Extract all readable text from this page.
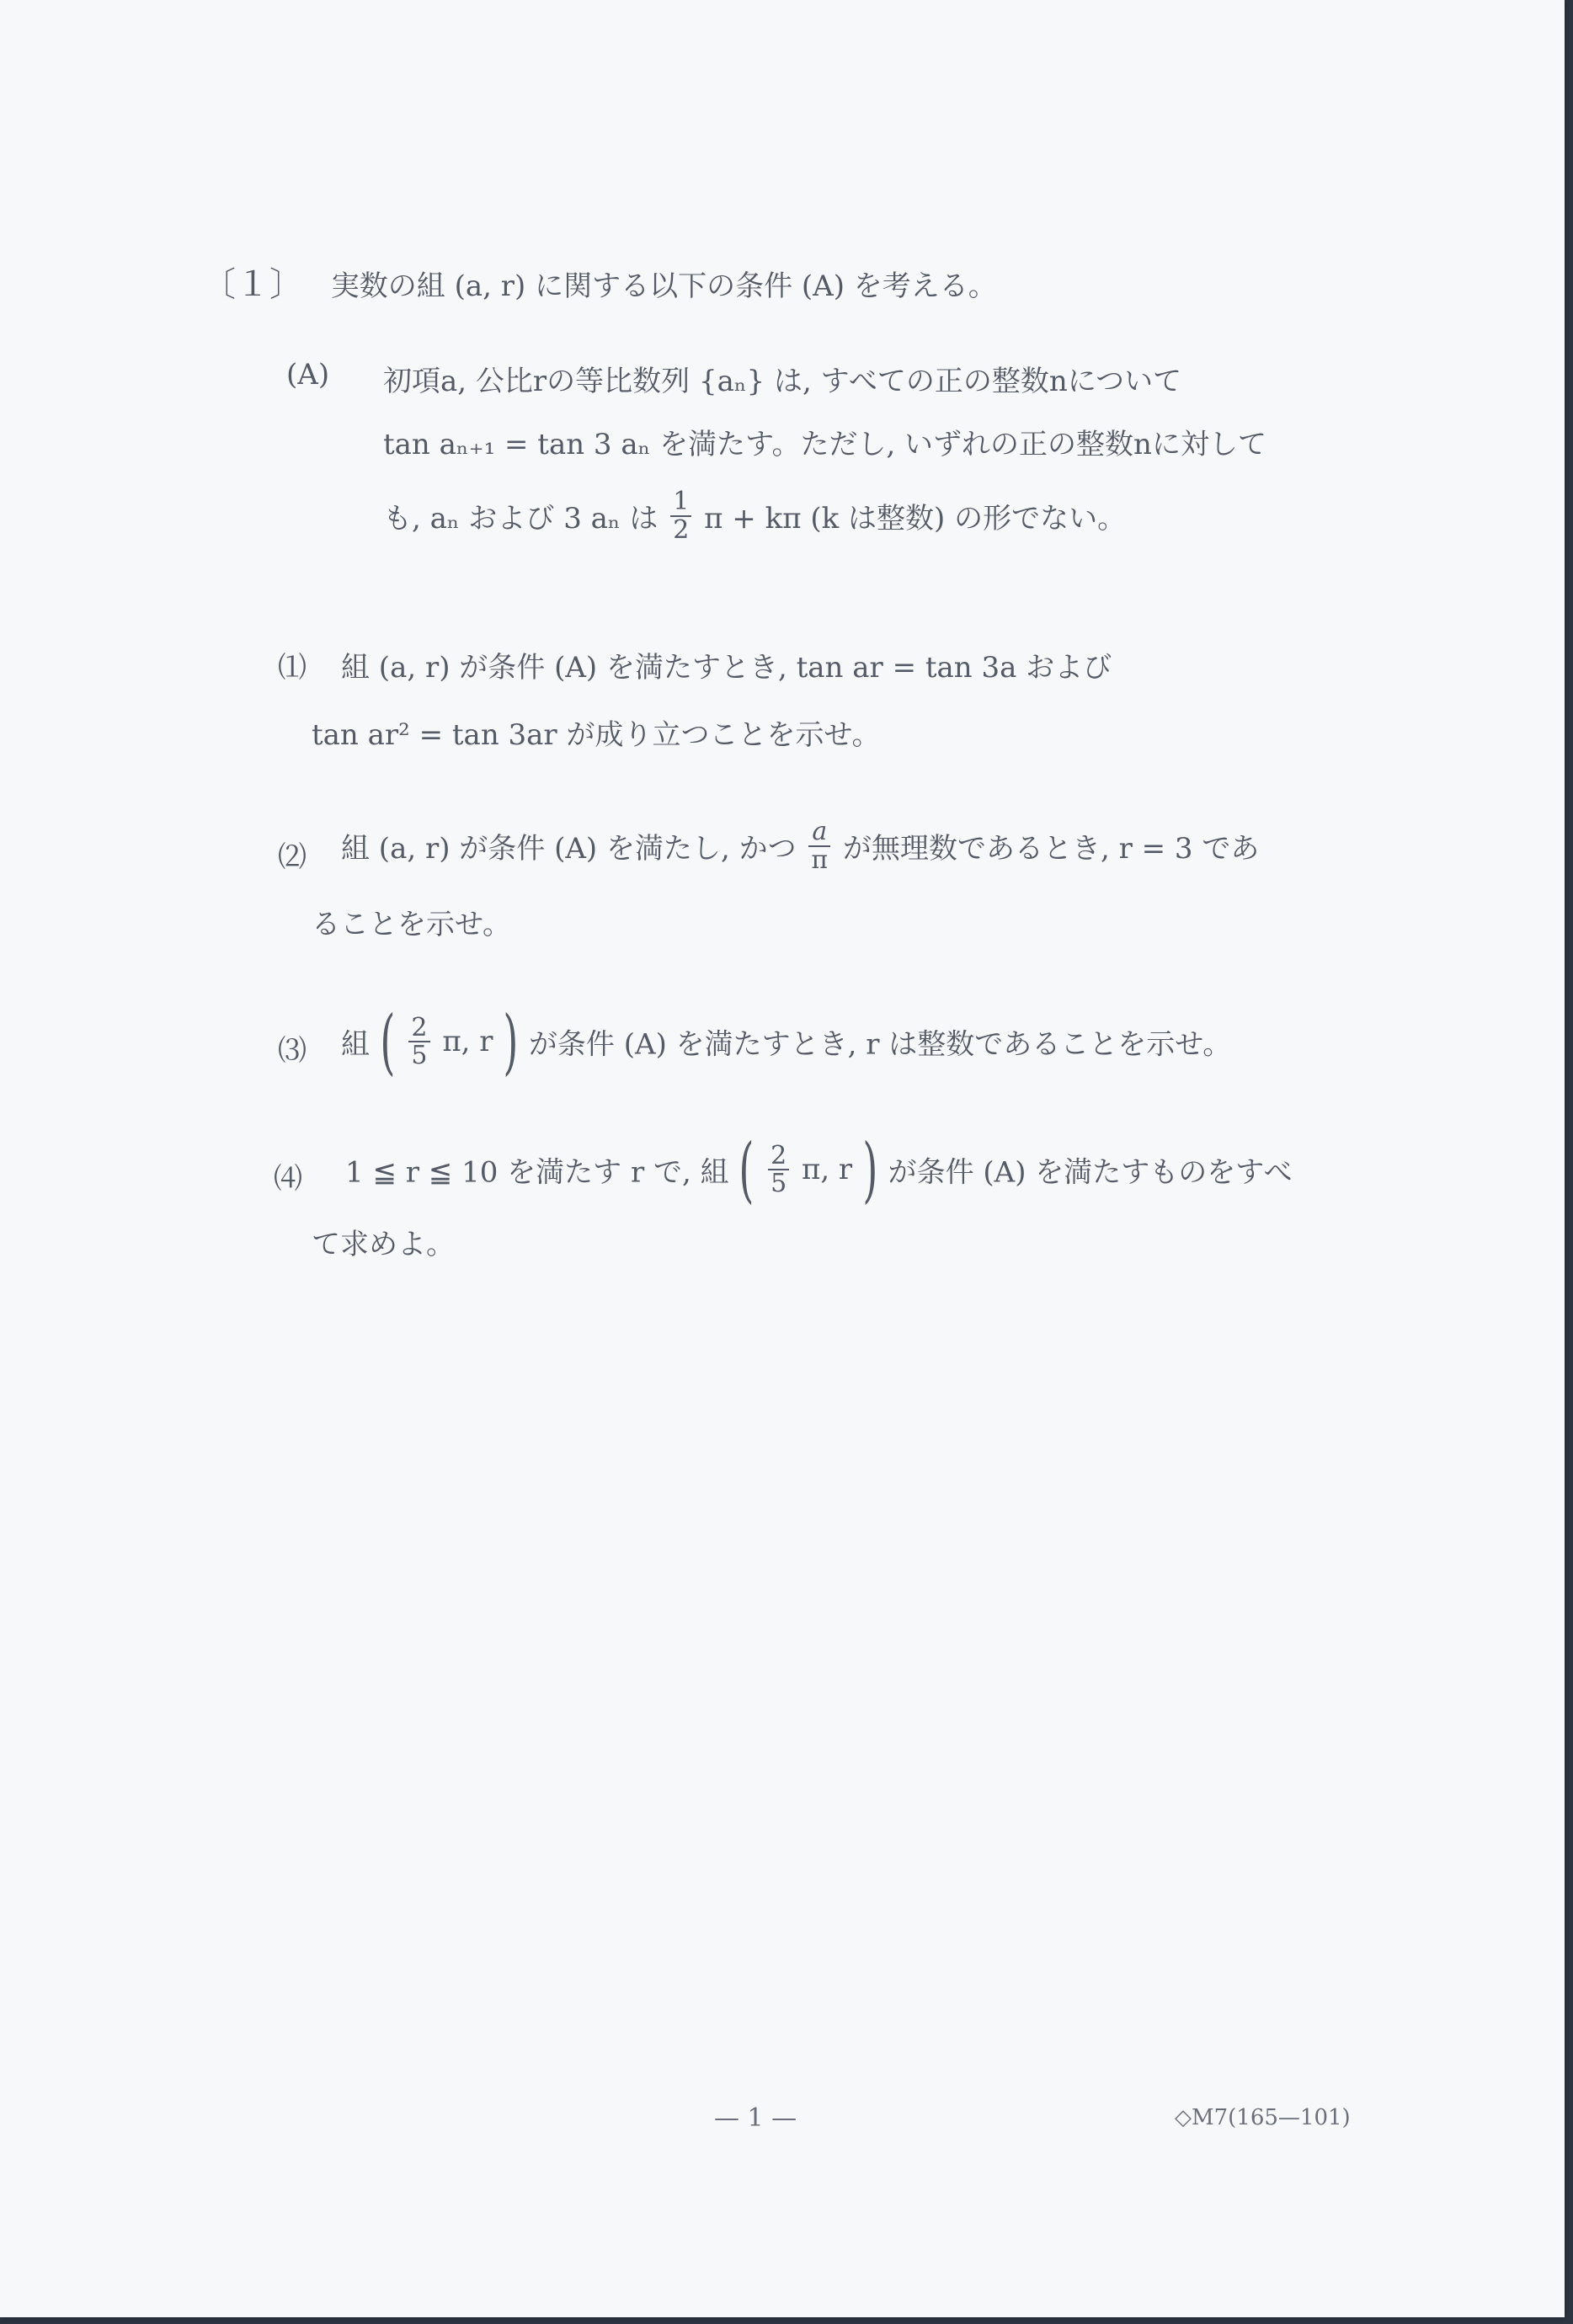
〔１〕 実数の組 (a, r) に関する以下の条件 (A) を考える。
(A) 初項a, 公比rの等比数列 {aₙ} は, すべての正の整数nについて
tan aₙ₊₁ = tan 3 aₙ を満たす。ただし, いずれの正の整数nに対して
も, aₙ および 3 aₙ は $\frac{1}{2}$ π + kπ (k は整数) の形でない。
⑴ 組 (a, r) が条件 (A) を満たすとき, tan ar = tan 3a および
tan ar² = tan 3ar が成り立つことを示せ。
⑵ 組 (a, r) が条件 (A) を満たし, かつ $\frac{a}{\pi}$ が無理数であるとき, r = 3 であ
ることを示せ。
⑶ 組 ( $\frac{2}{5} \pi$, r ) が条件 (A) を満たすとき, r は整数であることを示せ。
⑷ 1 ≦ r ≦ 10 を満たす r で, 組 ( $\frac{2}{5} \pi$, r ) が条件 (A) を満たすものをすべ
て求めよ。
— 1 —	◇M7(165—101)
